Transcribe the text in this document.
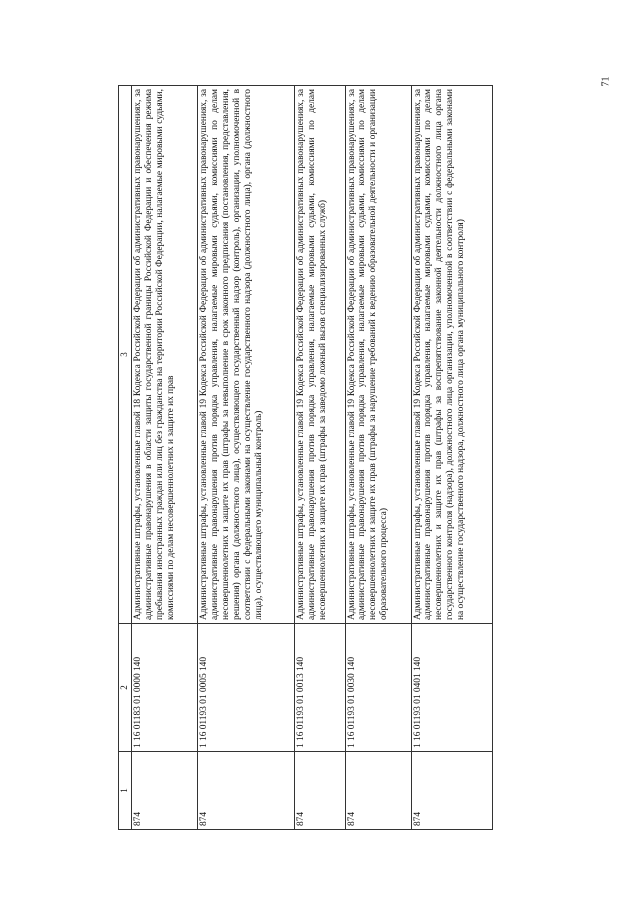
71
1	2	3
874	1 16 01183 01 0000 140	Административные штрафы, установленные главой 18 Кодекса Российской Федерации об административных правонарушениях, за административные правонарушения в области защиты государственной границы Российской Федерации и обеспечения режима пребывания иностранных граждан или лиц без гражданства на территории Российской Федерации, налагаемые мировыми судьями, комиссиями по делам несовершеннолетних и защите их прав
874	1 16 01193 01 0005 140	Административные штрафы, установленные главой 19 Кодекса Российской Федерации об административных правонарушениях, за административные правонарушения против порядка управления, налагаемые мировыми судьями, комиссиями по делам несовершеннолетних и защите их прав (штрафы за невыполнение в срок законного предписания (постановления, представления, решения) органа (должностного лица), осуществляющего государственный надзор (контроль), организации, уполномоченной в соответствии с федеральными законами на осуществление государственного надзора (должностного лица), органа (должностного лица), осуществляющего муниципальный контроль)
874	1 16 01193 01 0013 140	Административные штрафы, установленные главой 19 Кодекса Российской Федерации об административных правонарушениях, за административные правонарушения против порядка управления, налагаемые мировыми судьями, комиссиями по делам несовершеннолетних и защите их прав (штрафы за заведомо ложный вызов специализированных служб)
874	1 16 01193 01 0030 140	Административные штрафы, установленные главой 19 Кодекса Российской Федерации об административных правонарушениях, за административные правонарушения против порядка управления, налагаемые мировыми судьями, комиссиями по делам несовершеннолетних и защите их прав (штрафы за нарушение требований к ведению образовательной деятельности и организации образовательного процесса)
874	1 16 01193 01 0401 140	Административные штрафы, установленные главой 19 Кодекса Российской Федерации об административных правонарушениях, за административные правонарушения против порядка управления, налагаемые мировыми судьями, комиссиями по делам несовершеннолетних и защите их прав (штрафы за воспрепятствование законной деятельности должностного лица органа государственного контроля (надзора), должностного лица организации, уполномоченной в соответствии с федеральными законами на осуществление государственного надзора, должностного лица органа муниципального контроля)
